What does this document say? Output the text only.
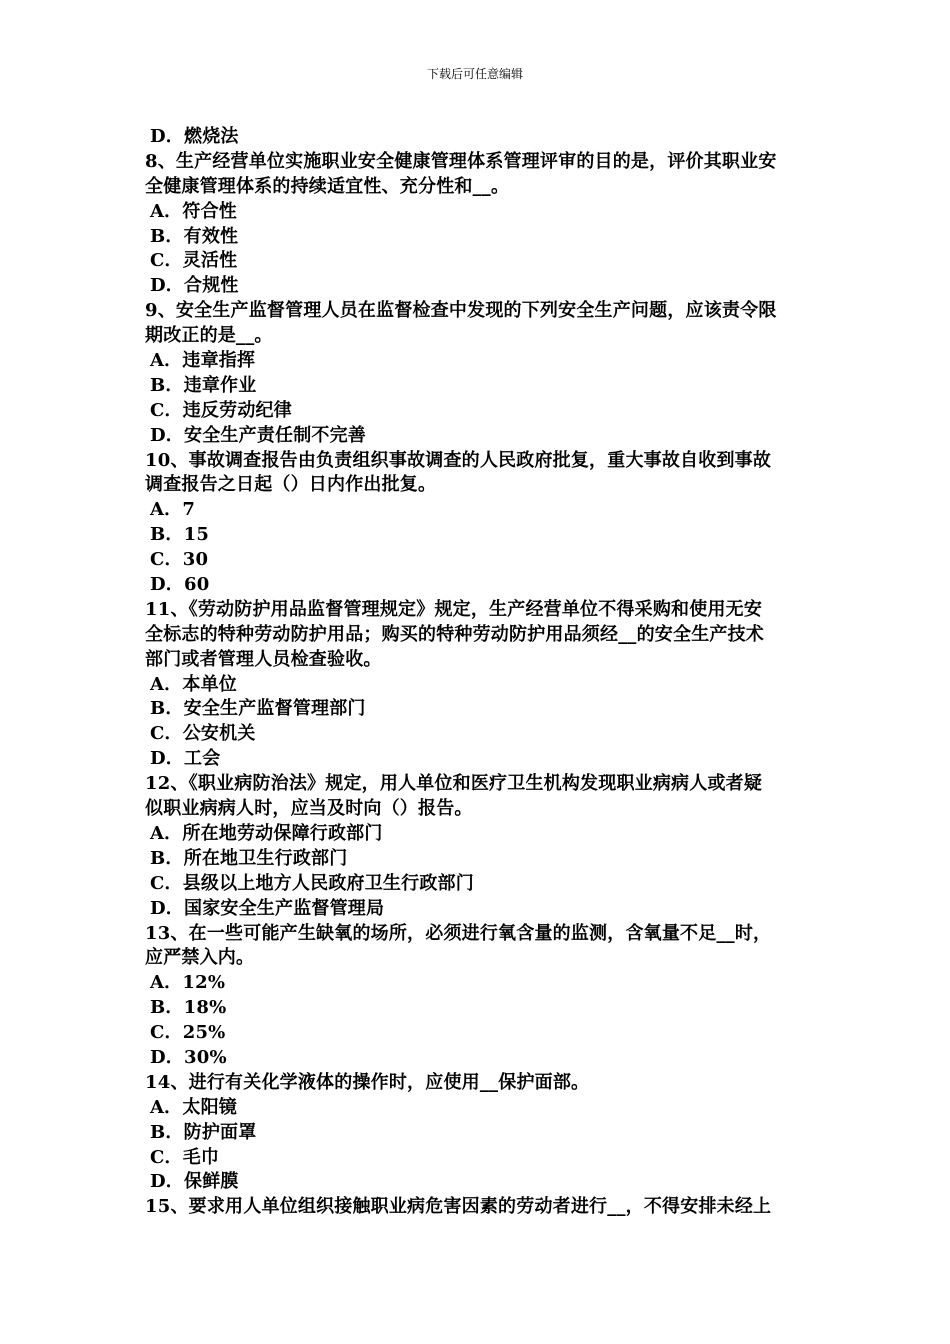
下载后可任意编辑
D．燃烧法
8、生产经营单位实施职业安全健康管理体系管理评审的目的是，评价其职业安
全健康管理体系的持续适宜性、充分性和__。
A．符合性
B．有效性
C．灵活性
D．合规性
9、安全生产监督管理人员在监督检查中发现的下列安全生产问题，应该责令限
期改正的是__。
A．违章指挥
B．违章作业
C．违反劳动纪律
D．安全生产责任制不完善
10、事故调查报告由负责组织事故调查的人民政府批复，重大事故自收到事故
调查报告之日起（）日内作出批复。
A．7
B．15
C．30
D．60
11、《劳动防护用品监督管理规定》规定，生产经营单位不得采购和使用无安
全标志的特种劳动防护用品；购买的特种劳动防护用品须经__的安全生产技术
部门或者管理人员检查验收。
A．本单位
B．安全生产监督管理部门
C．公安机关
D．工会
12、《职业病防治法》规定，用人单位和医疗卫生机构发现职业病病人或者疑
似职业病病人时，应当及时向（）报告。
A．所在地劳动保障行政部门
B．所在地卫生行政部门
C．县级以上地方人民政府卫生行政部门
D．国家安全生产监督管理局
13、在一些可能产生缺氧的场所，必须进行氧含量的监测，含氧量不足__时，
应严禁入内。
A．12%
B．18%
C．25%
D．30%
14、进行有关化学液体的操作时，应使用__保护面部。
A．太阳镜
B．防护面罩
C．毛巾
D．保鲜膜
15、要求用人单位组织接触职业病危害因素的劳动者进行__，不得安排未经上
